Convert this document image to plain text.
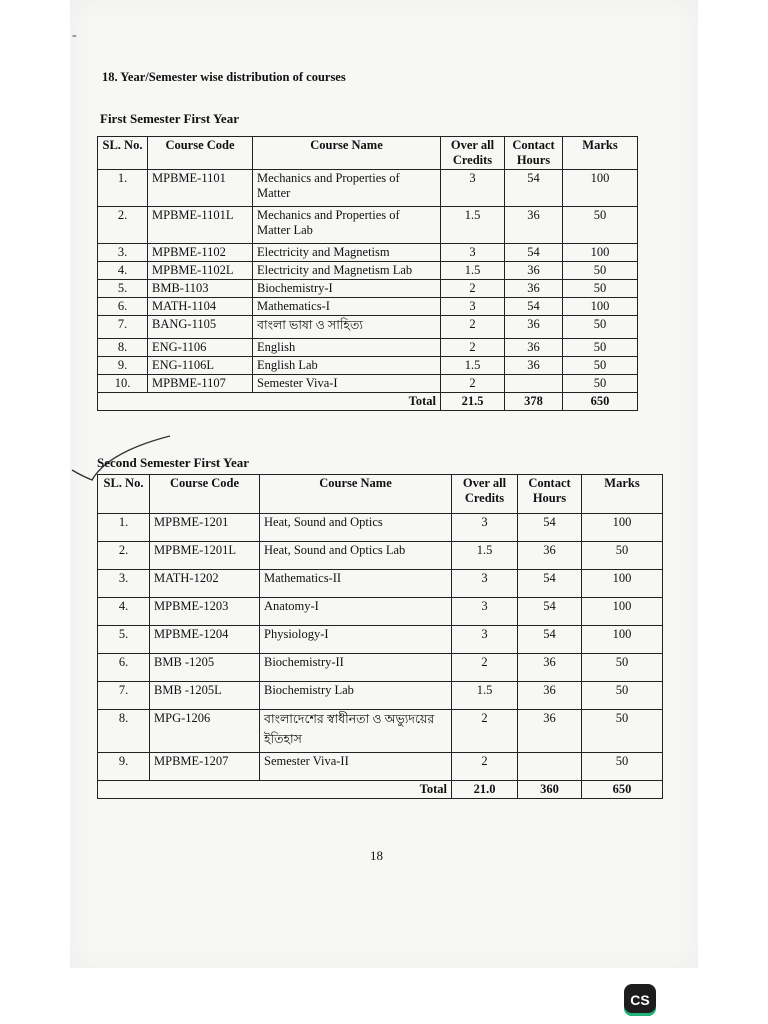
-
18. Year/Semester wise distribution of courses
First Semester First Year
SL. No.	Course Code	Course Name	Over all Credits	Contact Hours	Marks
1.	MPBME-1101	Mechanics and Properties of Matter	3	54	100
2.	MPBME-1101L	Mechanics and Properties of Matter Lab	1.5	36	50
3.	MPBME-1102	Electricity and Magnetism	3	54	100
4.	MPBME-1102L	Electricity and Magnetism Lab	1.5	36	50
5.	BMB-1103	Biochemistry-I	2	36	50
6.	MATH-1104	Mathematics-I	3	54	100
7.	BANG-1105	বাংলা ভাষা ও সাহিত্য	2	36	50
8.	ENG-1106	English	2	36	50
9.	ENG-1106L	English Lab	1.5	36	50
10.	MPBME-1107	Semester Viva-I	2		50
Total			21.5	378	650
Second Semester First Year
SL. No.	Course Code	Course Name	Over all Credits	Contact Hours	Marks
1.	MPBME-1201	Heat, Sound and Optics	3	54	100
2.	MPBME-1201L	Heat, Sound and Optics Lab	1.5	36	50
3.	MATH-1202	Mathematics-II	3	54	100
4.	MPBME-1203	Anatomy-I	3	54	100
5.	MPBME-1204	Physiology-I	3	54	100
6.	BMB -1205	Biochemistry-II	2	36	50
7.	BMB -1205L	Biochemistry Lab	1.5	36	50
8.	MPG-1206	বাংলাদেশের স্বাধীনতা ও অভ্যুদয়ের ইতিহাস	2	36	50
9.	MPBME-1207	Semester Viva-II	2		50
Total			21.0	360	650
18
CS
